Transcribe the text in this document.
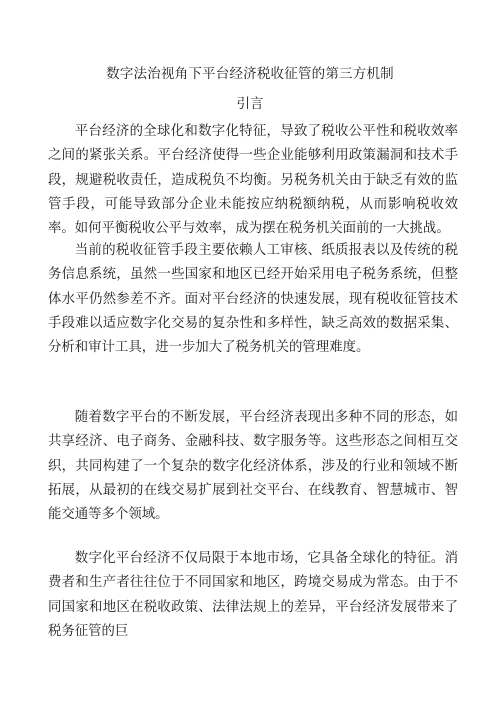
数字法治视角下平台经济税收征管的第三方机制
引言

平台经济的全球化和数字化特征，导致了税收公平性和税收效率之间的紧张关系。平台经济使得一些企业能够利用政策漏洞和技术手段，规避税收责任，造成税负不均衡。另税务机关由于缺乏有效的监管手段，可能导致部分企业未能按应纳税额纳税，从而影响税收效率。如何平衡税收公平与效率，成为摆在税务机关面前的一大挑战。

当前的税收征管手段主要依赖人工审核、纸质报表以及传统的税务信息系统，虽然一些国家和地区已经开始采用电子税务系统，但整体水平仍然参差不齐。面对平台经济的快速发展，现有税收征管技术手段难以适应数字化交易的复杂性和多样性，缺乏高效的数据采集、分析和审计工具，进一步加大了税务机关的管理难度。

随着数字平台的不断发展，平台经济表现出多种不同的形态，如共享经济、电子商务、金融科技、数字服务等。这些形态之间相互交织，共同构建了一个复杂的数字化经济体系，涉及的行业和领域不断拓展，从最初的在线交易扩展到社交平台、在线教育、智慧城市、智能交通等多个领域。

数字化平台经济不仅局限于本地市场，它具备全球化的特征。消费者和生产者往往位于不同国家和地区，跨境交易成为常态。由于不同国家和地区在税收政策、法律法规上的差异，平台经济发展带来了税务征管的巨
